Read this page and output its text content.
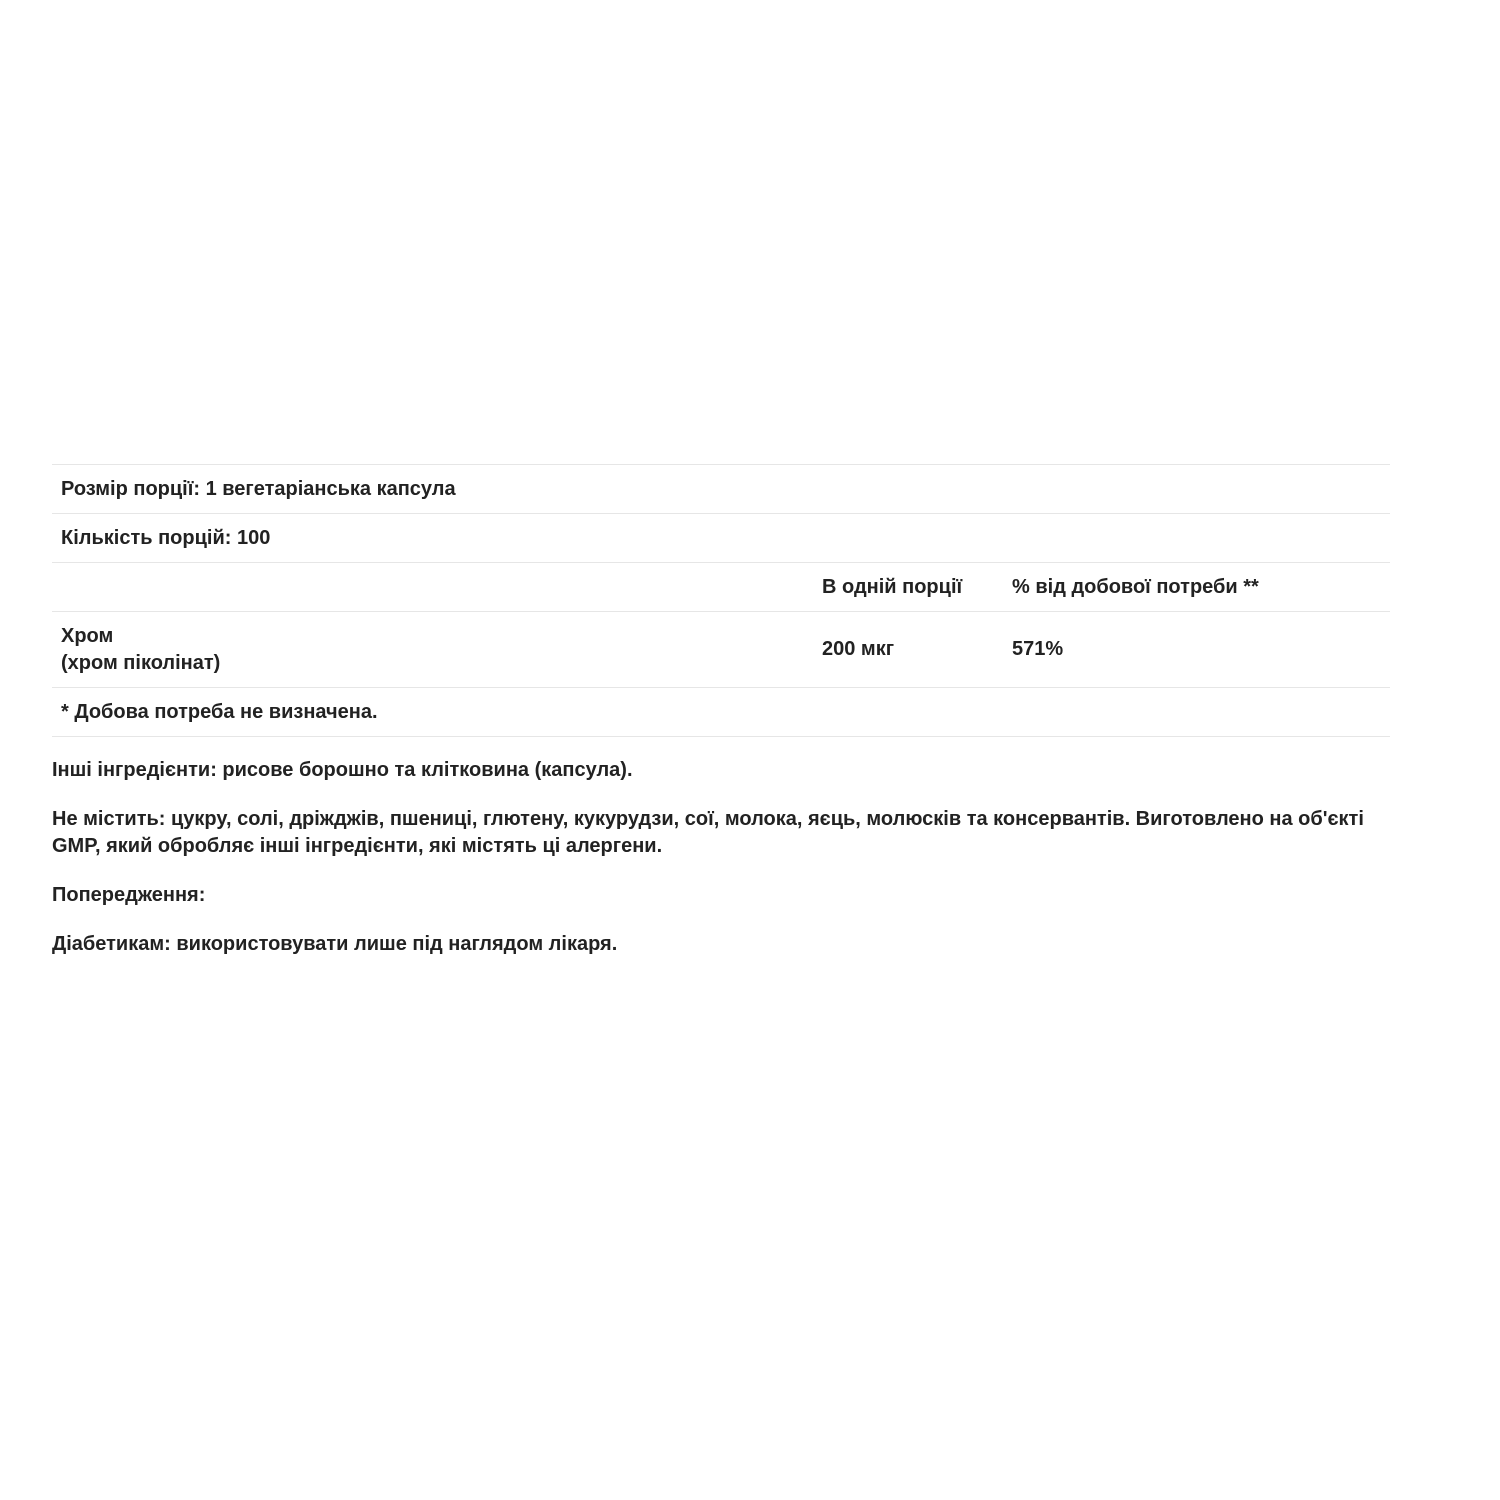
Розмір порції: 1 вегетаріанська капсула
Кількість порцій: 100
В одній порції	% від добової потреби **
Хром
(хром піколінат)
200 мкг	571%
* Добова потреба не визначена.

Інші інгредієнти: рисове борошно та клітковина (капсула).

Не містить: цукру, солі, дріжджів, пшениці, глютену, кукурудзи, сої, молока, яєць, молюсків та консервантів. Виготовлено на об'єкті GMP, який обробляє інші інгредієнти, які містять ці алергени.

Попередження:

Діабетикам: використовувати лише під наглядом лікаря.
